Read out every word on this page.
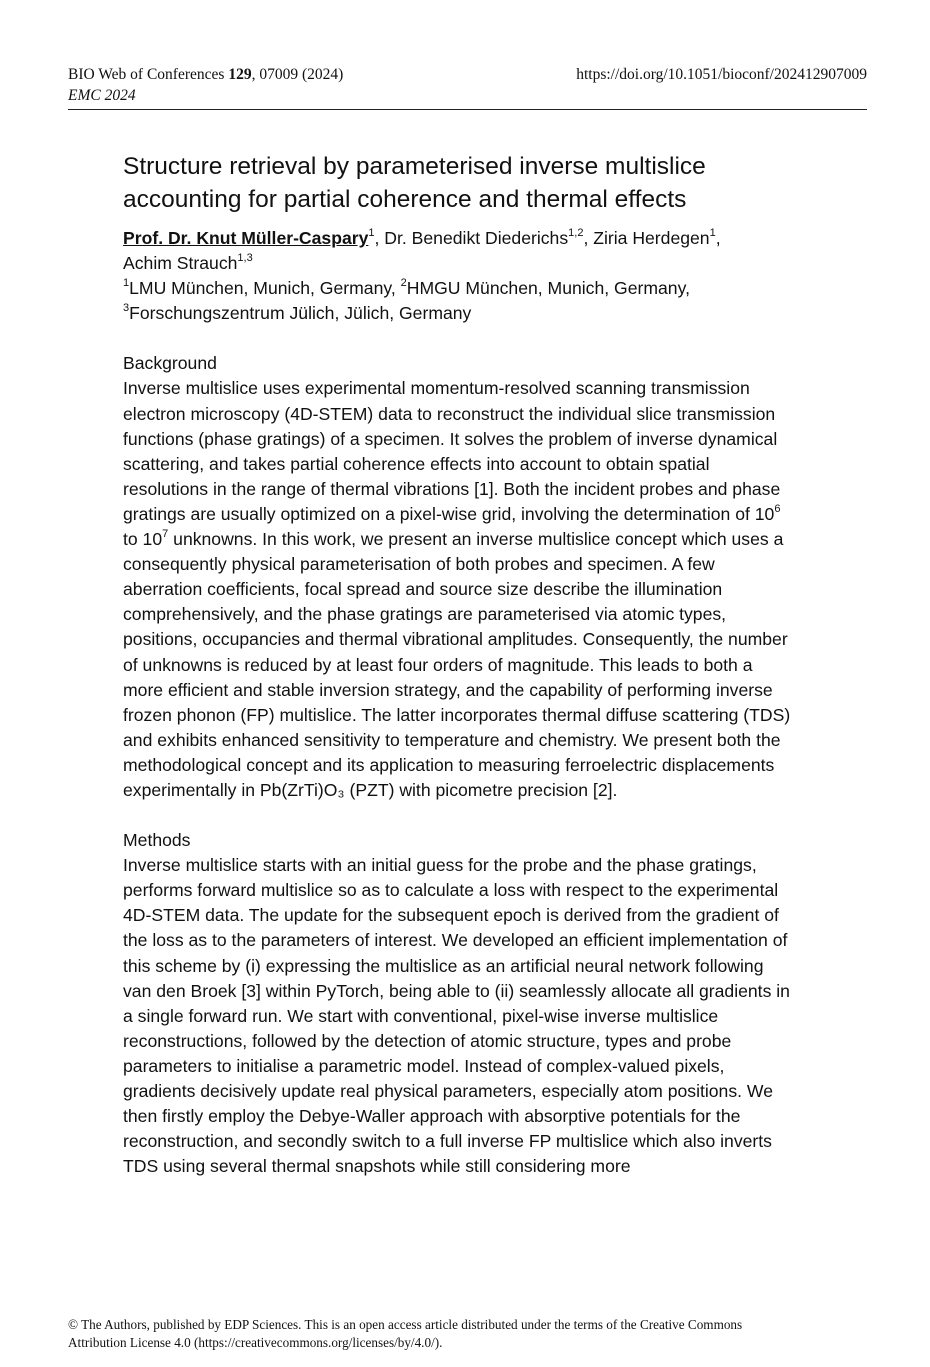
BIO Web of Conferences 129, 07009 (2024)	https://doi.org/10.1051/bioconf/202412907009
EMC 2024
Structure retrieval by parameterised inverse multislice accounting for partial coherence and thermal effects
Prof. Dr. Knut Müller-Caspary$^1$, Dr. Benedikt Diederichs$^{1,2}$, Ziria Herdegen$^1$,
Achim Strauch$^{1,3}$
$^1$LMU München, Munich, Germany, $^2$HMGU München, Munich, Germany,
$^3$Forschungszentrum Jülich, Jülich, Germany
Background

Inverse multislice uses experimental momentum-resolved scanning transmission electron microscopy (4D-STEM) data to reconstruct the individual slice transmission functions (phase gratings) of a specimen. It solves the problem of inverse dynamical scattering, and takes partial coherence effects into account to obtain spatial resolutions in the range of thermal vibrations [1]. Both the incident probes and phase gratings are usually optimized on a pixel-wise grid, involving the determination of $10^6$ to $10^7$ unknowns. In this work, we present an inverse multislice concept which uses a consequently physical parameterisation of both probes and specimen. A few aberration coefficients, focal spread and source size describe the illumination comprehensively, and the phase gratings are parameterised via atomic types, positions, occupancies and thermal vibrational amplitudes. Consequently, the number of unknowns is reduced by at least four orders of magnitude. This leads to both a more efficient and stable inversion strategy, and the capability of performing inverse frozen phonon (FP) multislice. The latter incorporates thermal diffuse scattering (TDS) and exhibits enhanced sensitivity to temperature and chemistry. We present both the methodological concept and its application to measuring ferroelectric displacements experimentally in Pb(ZrTi)O₃ (PZT) with picometre precision [2].

Methods

Inverse multislice starts with an initial guess for the probe and the phase gratings, performs forward multislice so as to calculate a loss with respect to the experimental 4D-STEM data. The update for the subsequent epoch is derived from the gradient of the loss as to the parameters of interest. We developed an efficient implementation of this scheme by (i) expressing the multislice as an artificial neural network following van den Broek [3] within PyTorch, being able to (ii) seamlessly allocate all gradients in a single forward run. We start with conventional, pixel-wise inverse multislice reconstructions, followed by the detection of atomic structure, types and probe parameters to initialise a parametric model. Instead of complex-valued pixels, gradients decisively update real physical parameters, especially atom positions. We then firstly employ the Debye-Waller approach with absorptive potentials for the reconstruction, and secondly switch to a full inverse FP multislice which also inverts TDS using several thermal snapshots while still considering more

© The Authors, published by EDP Sciences. This is an open access article distributed under the terms of the Creative Commons
Attribution License 4.0 (https://creativecommons.org/licenses/by/4.0/).
